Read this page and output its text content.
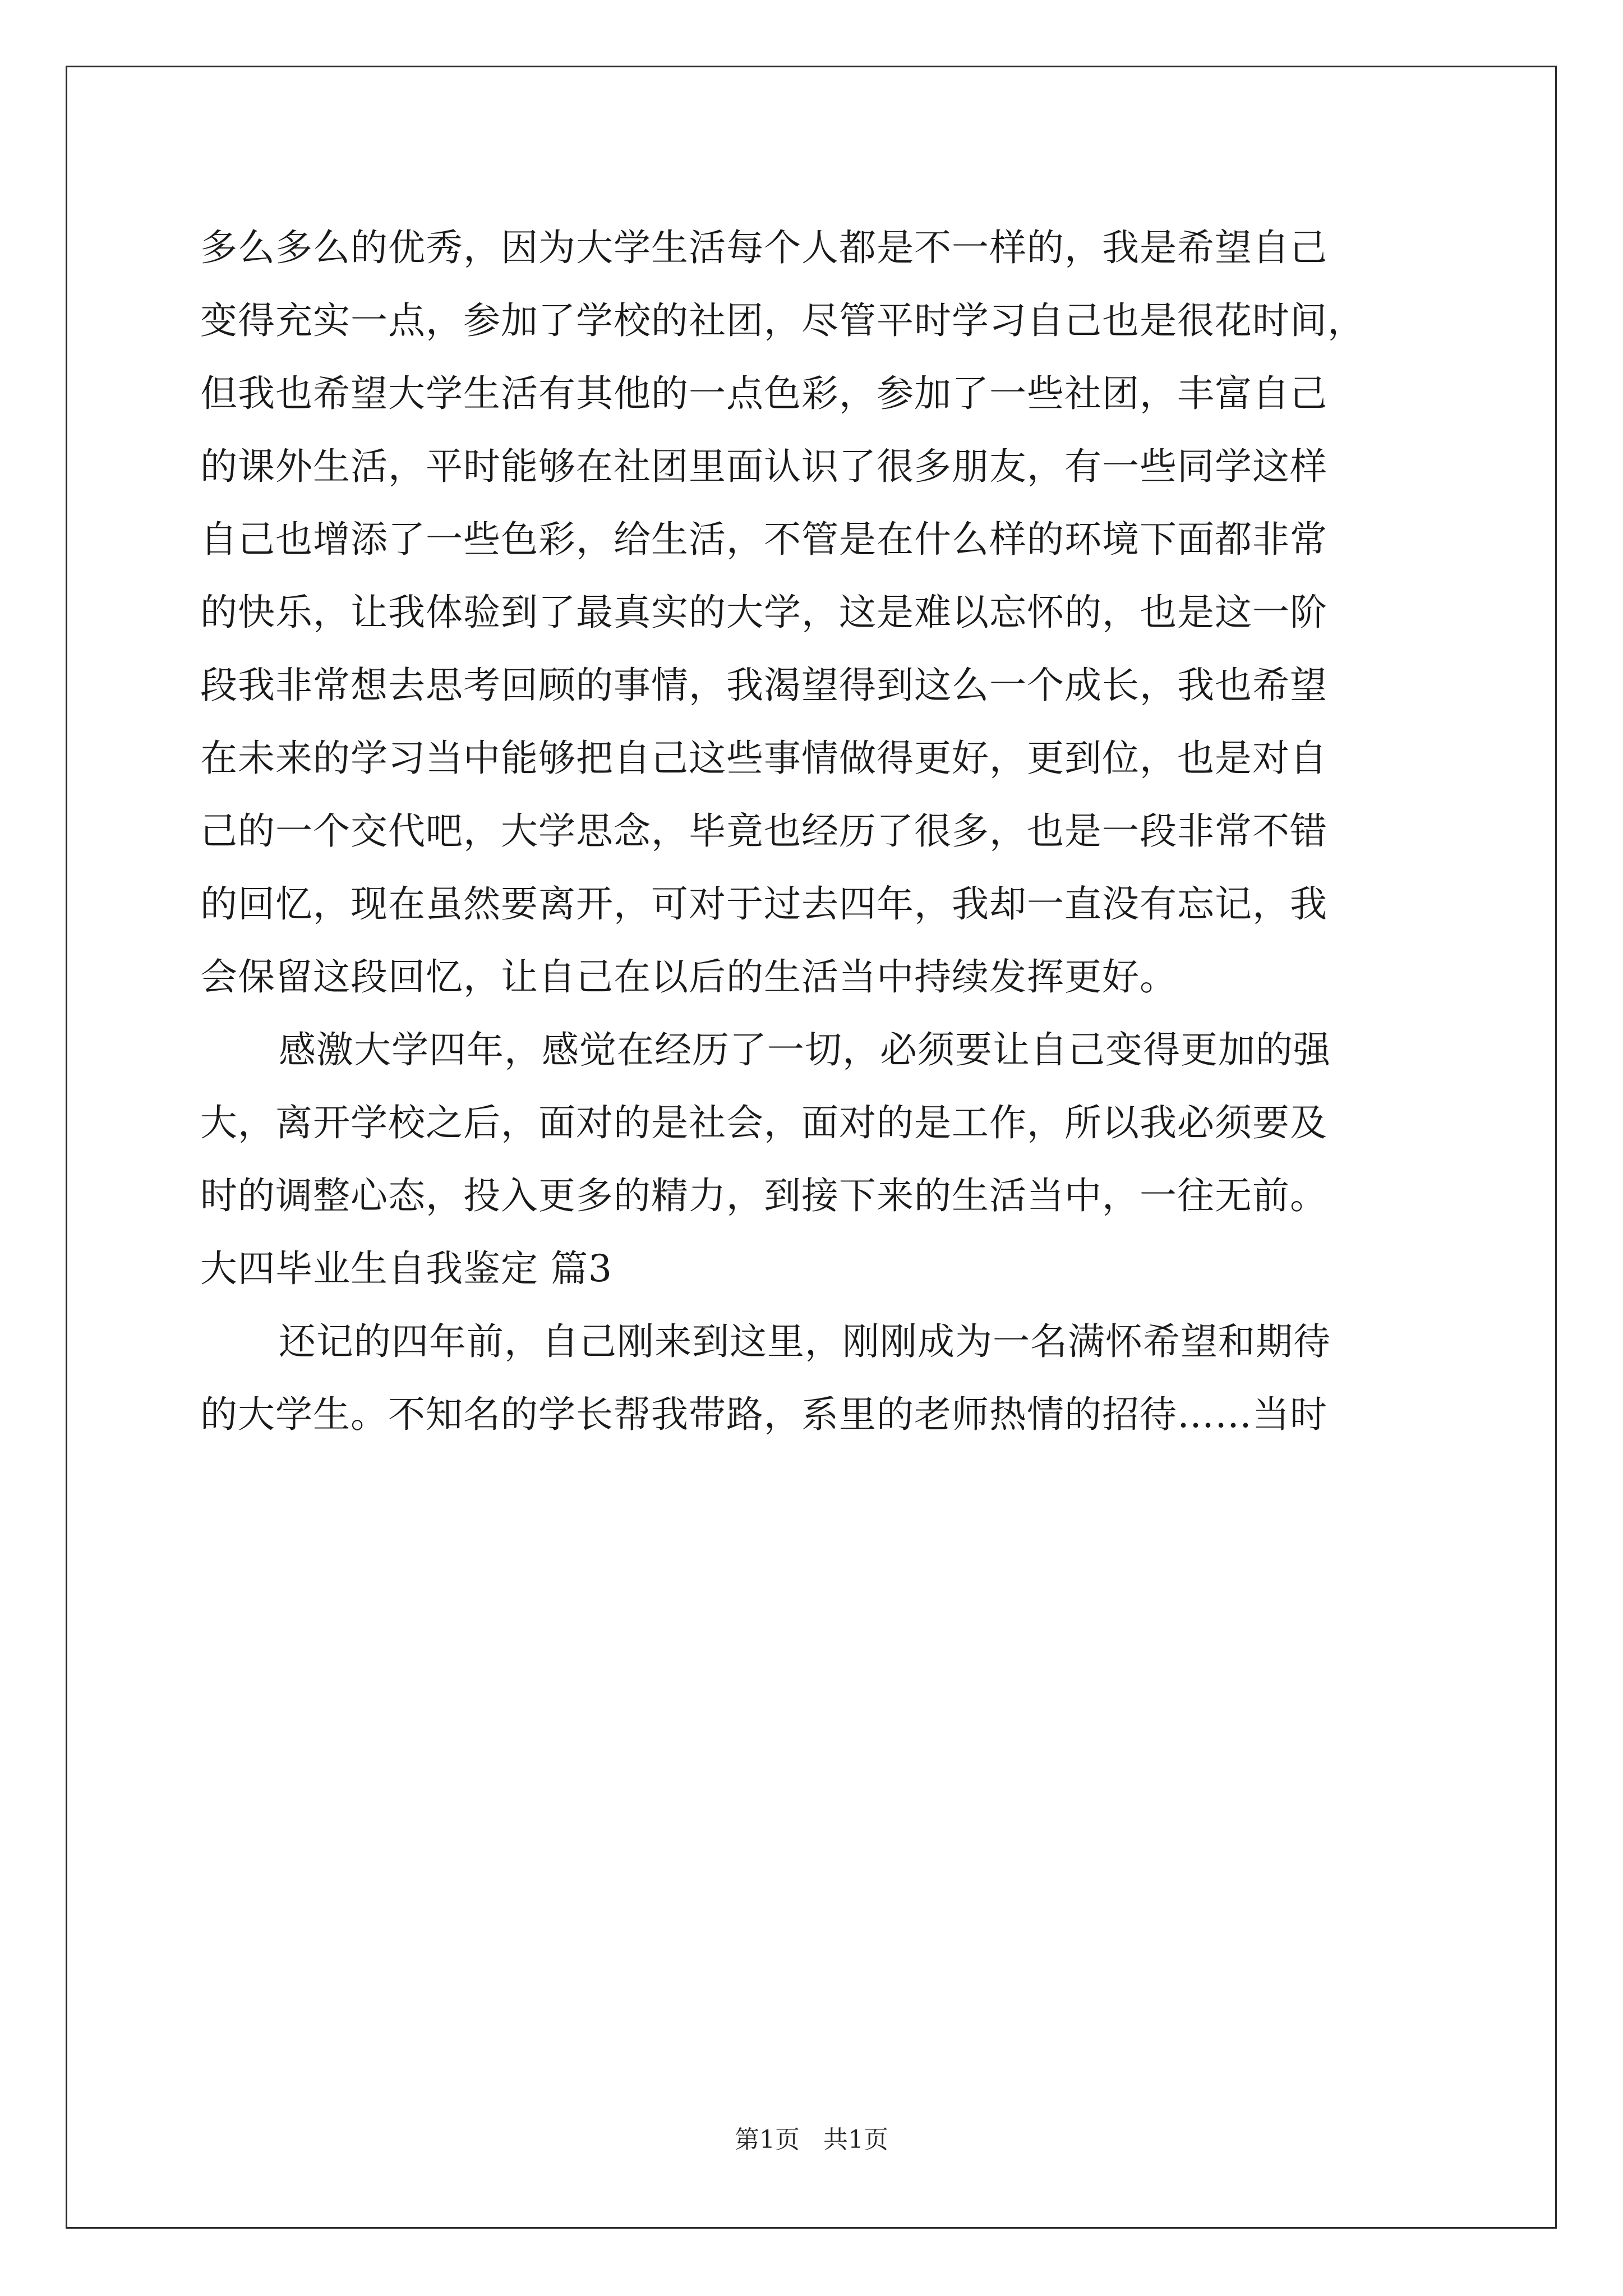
多么多么的优秀，因为大学生活每个人都是不一样的，我是希望自己
变得充实一点，参加了学校的社团，尽管平时学习自己也是很花时间，
但我也希望大学生活有其他的一点色彩，参加了一些社团，丰富自己
的课外生活，平时能够在社团里面认识了很多朋友，有一些同学这样
自己也增添了一些色彩，给生活，不管是在什么样的环境下面都非常
的快乐，让我体验到了最真实的大学，这是难以忘怀的，也是这一阶
段我非常想去思考回顾的事情，我渴望得到这么一个成长，我也希望
在未来的学习当中能够把自己这些事情做得更好，更到位，也是对自
己的一个交代吧，大学思念，毕竟也经历了很多，也是一段非常不错
的回忆，现在虽然要离开，可对于过去四年，我却一直没有忘记，我
会保留这段回忆，让自己在以后的生活当中持续发挥更好。
感激大学四年，感觉在经历了一切，必须要让自己变得更加的强
大，离开学校之后，面对的是社会，面对的是工作，所以我必须要及
时的调整心态，投入更多的精力，到接下来的生活当中，一往无前。
大四毕业生自我鉴定 篇3
还记的四年前，自己刚来到这里，刚刚成为一名满怀希望和期待
的大学生。不知名的学长帮我带路，系里的老师热情的招待……当时
第1页   共1页
